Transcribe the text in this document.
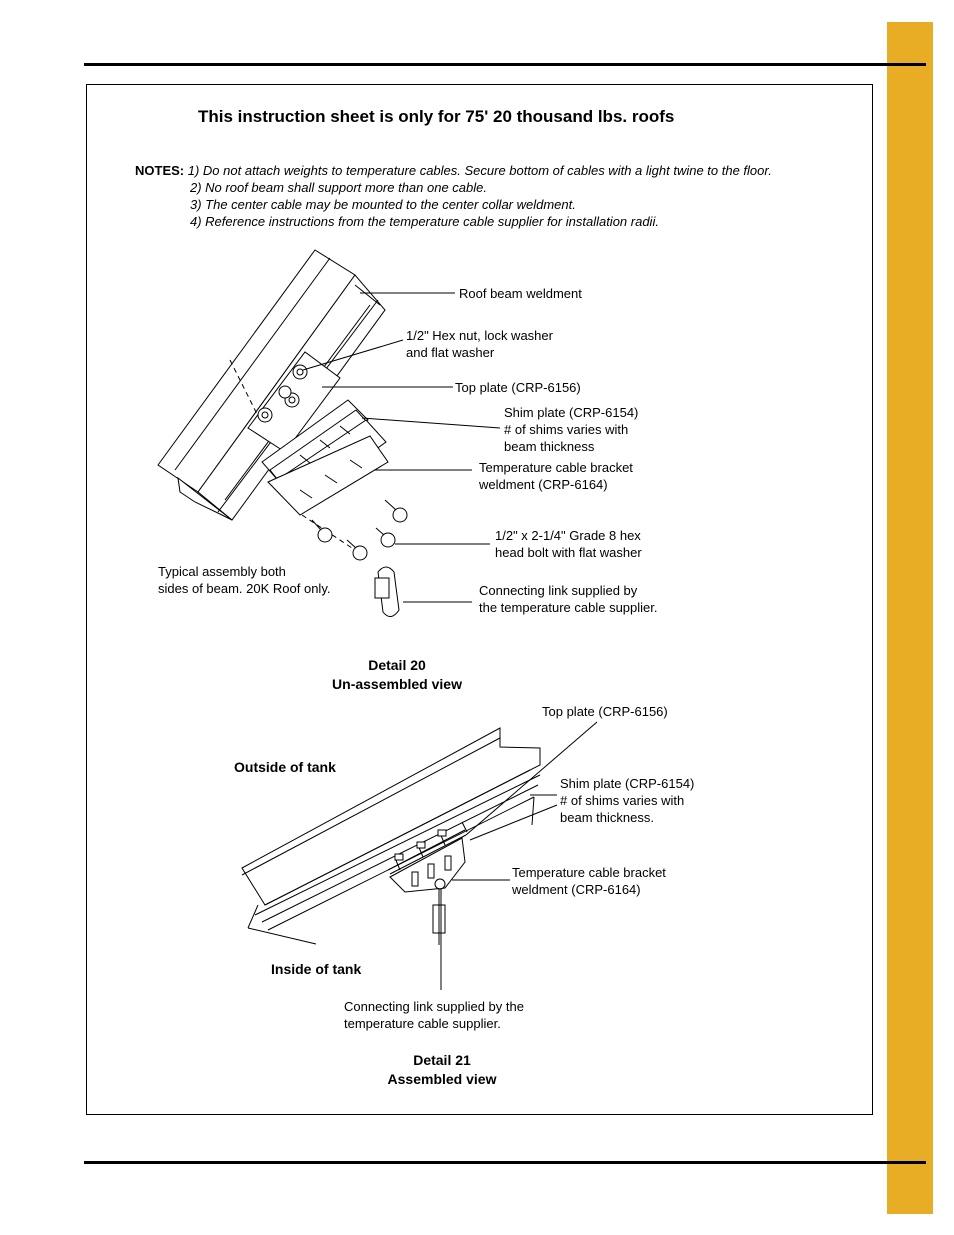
This instruction sheet is only for 75' 20 thousand lbs. roofs
NOTES: 1) Do not attach weights to temperature cables. Secure bottom of cables with a light twine to the floor.
2) No roof beam shall support more than one cable.
3) The center cable may be mounted to the center collar weldment.
4) Reference instructions from the temperature cable supplier for installation radii.
Roof beam weldment
1/2" Hex nut, lock washer
and flat washer
Top plate (CRP-6156)
Shim plate (CRP-6154)
# of shims varies with
beam thickness
Temperature cable bracket
weldment (CRP-6164)
1/2" x 2-1/4" Grade 8 hex
head bolt with flat washer
Typical assembly both
sides of beam. 20K Roof only.	Connecting link supplied by
the temperature cable supplier.
Detail 20
Un-assembled view
Top plate (CRP-6156)
Outside of tank
Shim plate (CRP-6154)
# of shims varies with
beam thickness.
Temperature cable bracket
weldment (CRP-6164)
Inside of tank
Connecting link supplied by the
temperature cable supplier.
Detail 21
Assembled view
